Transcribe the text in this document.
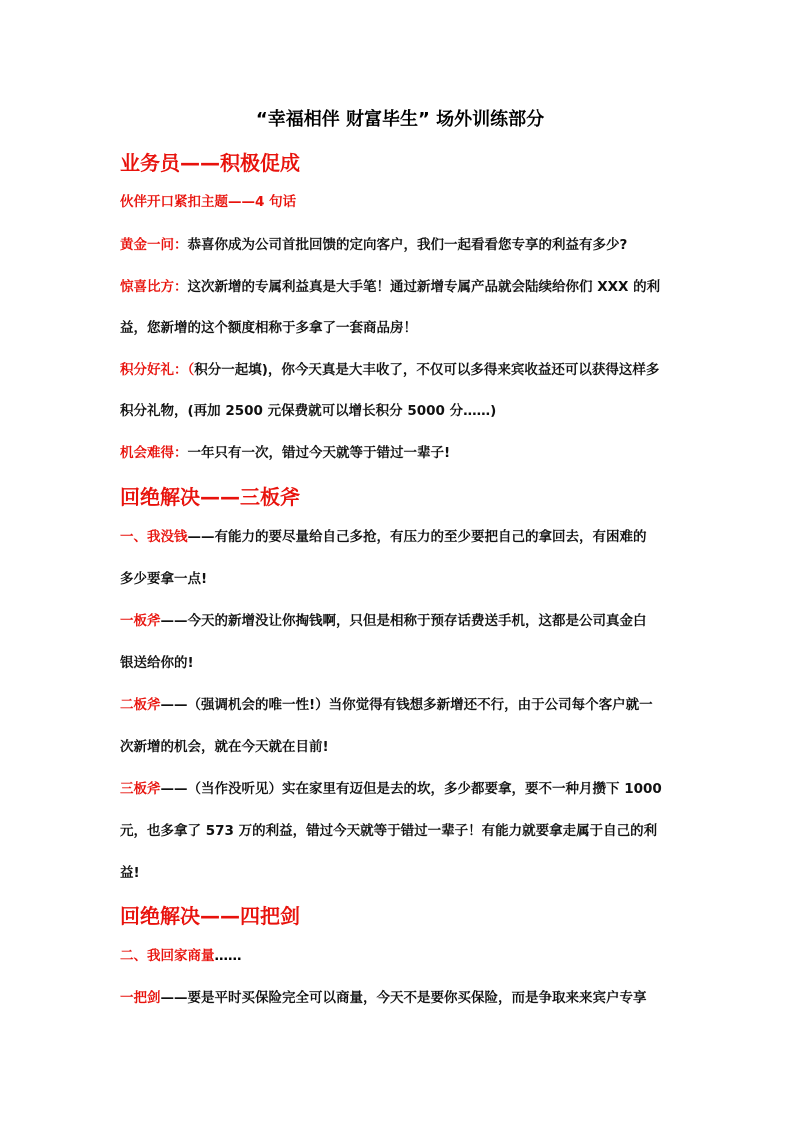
“幸福相伴 财富毕生” 场外训练部分
业务员——积极促成
伙伴开口紧扣主题——4 句话
黄金一问：恭喜你成为公司首批回馈的定向客户，我们一起看看您专享的利益有多少?
惊喜比方：这次新增的专属利益真是大手笔！通过新增专属产品就会陆续给你们 XXX 的利
益，您新增的这个额度相称于多拿了一套商品房！
积分好礼：（积分一起填)，你今天真是大丰收了，不仅可以多得来宾收益还可以获得这样多
积分礼物，(再加 2500 元保费就可以增长积分 5000 分……)
机会难得：一年只有一次，错过今天就等于错过一辈子!
回绝解决——三板斧
一、我没钱——有能力的要尽量给自己多抢，有压力的至少要把自己的拿回去，有困难的
多少要拿一点!
一板斧——今天的新增没让你掏钱啊，只但是相称于预存话费送手机，这都是公司真金白
银送给你的!
二板斧——（强调机会的唯一性!）当你觉得有钱想多新增还不行，由于公司每个客户就一
次新增的机会，就在今天就在目前!
三板斧——（当作没听见）实在家里有迈但是去的坎，多少都要拿，要不一种月攒下 1000
元，也多拿了 573 万的利益，错过今天就等于错过一辈子！有能力就要拿走属于自己的利
益!
回绝解决——四把剑
二、我回家商量……
一把剑——要是平时买保险完全可以商量，今天不是要你买保险，而是争取来来宾户专享
